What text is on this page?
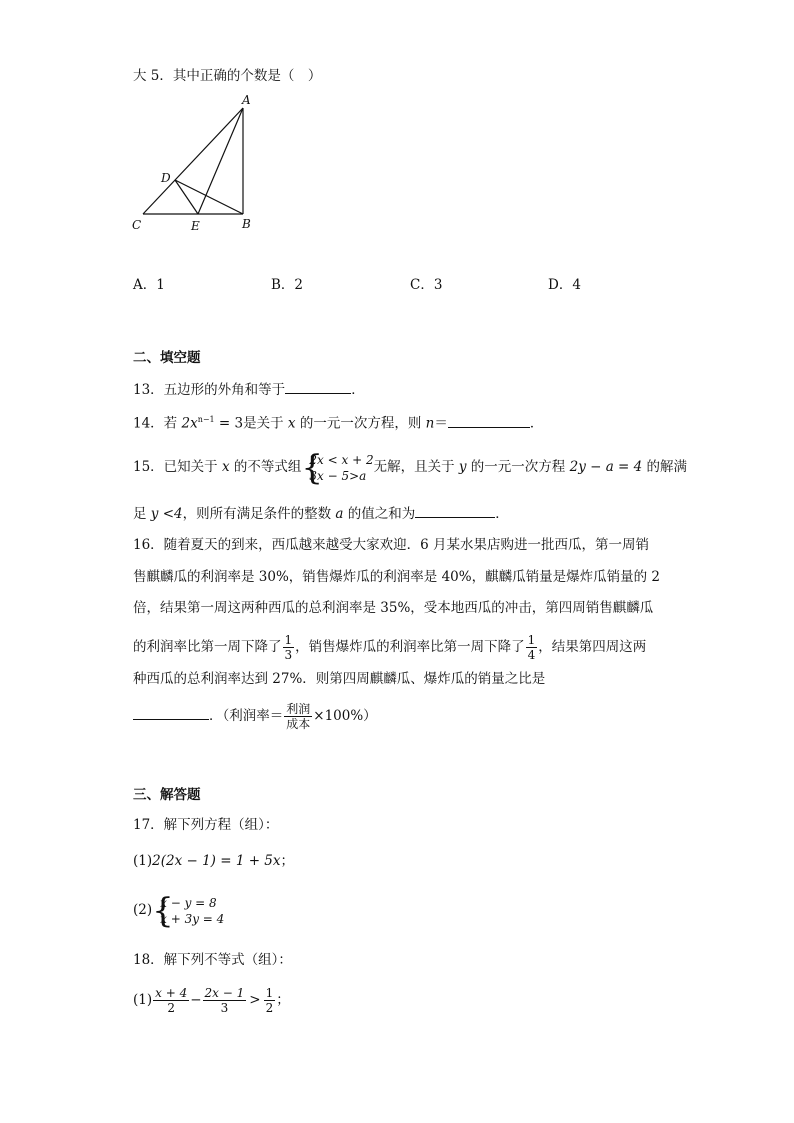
大 5．其中正确的个数是（　）
A
B
C
D
E
A．1	B．2	C．3	D．4
二、填空题
13．五边形的外角和等于	．
14．若 $2x^{n-1} = 3$是关于 x 的一元一次方程，则 n＝	．
15．已知关于 x 的不等式组 {
2x < x + 2
3x − 5>a
无解，且关于 y 的一元一次方程 2y − a = 4 的解满
足 y <4，则所有满足条件的整数 a 的值之和为	．
16．随着夏天的到来，西瓜越来越受大家欢迎．6 月某水果店购进一批西瓜，第一周销
售麒麟瓜的利润率是 30%，销售爆炸瓜的利润率是 40%，麒麟瓜销量是爆炸瓜销量的 2
倍，结果第一周这两种西瓜的总利润率是 35%，受本地西瓜的冲击，第四周销售麒麟瓜
的利润率比第一周下降了 $\frac{1}{3}$ ，销售爆炸瓜的利润率比第一周下降了 $\frac{1}{4}$ ，结果第四周这两
种西瓜的总利润率达到 27%．则第四周麒麟瓜、爆炸瓜的销量之比是
．（利润率＝ $\frac{\text{利润}}{\text{成本}} \times 100\%$）
三、解答题
17．解下列方程（组）：
(1)2(2x − 1) = 1 + 5x；
(2) {
x − y = 8
x + 3y = 4
18．解下列不等式（组）：
$(1) \frac{x + 4}{2} - \frac{2x - 1}{3} > \frac{1}{2}$ ；
